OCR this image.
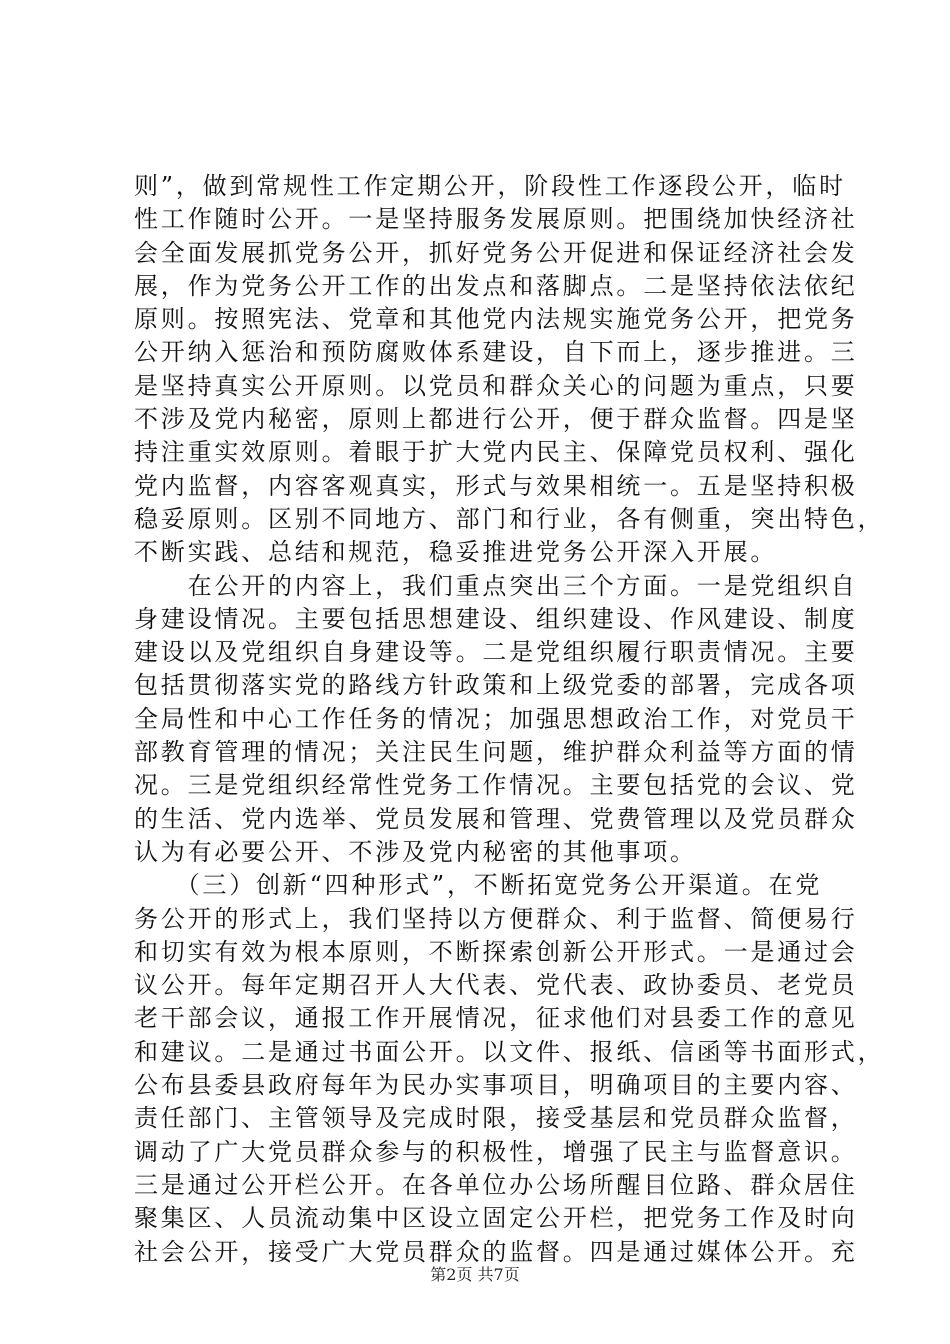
则”，做到常规性工作定期公开，阶段性工作逐段公开，临时
性工作随时公开。一是坚持服务发展原则。把围绕加快经济社
会全面发展抓党务公开，抓好党务公开促进和保证经济社会发
展，作为党务公开工作的出发点和落脚点。二是坚持依法依纪
原则。按照宪法、党章和其他党内法规实施党务公开，把党务
公开纳入惩治和预防腐败体系建设，自下而上，逐步推进。三
是坚持真实公开原则。以党员和群众关心的问题为重点，只要
不涉及党内秘密，原则上都进行公开，便于群众监督。四是坚
持注重实效原则。着眼于扩大党内民主、保障党员权利、强化
党内监督，内容客观真实，形式与效果相统一。五是坚持积极
稳妥原则。区别不同地方、部门和行业，各有侧重，突出特色，
不断实践、总结和规范，稳妥推进党务公开深入开展。
　　在公开的内容上，我们重点突出三个方面。一是党组织自
身建设情况。主要包括思想建设、组织建设、作风建设、制度
建设以及党组织自身建设等。二是党组织履行职责情况。主要
包括贯彻落实党的路线方针政策和上级党委的部署，完成各项
全局性和中心工作任务的情况；加强思想政治工作，对党员干
部教育管理的情况；关注民生问题，维护群众利益等方面的情
况。三是党组织经常性党务工作情况。主要包括党的会议、党
的生活、党内选举、党员发展和管理、党费管理以及党员群众
认为有必要公开、不涉及党内秘密的其他事项。
　　（三）创新“四种形式”，不断拓宽党务公开渠道。在党
务公开的形式上，我们坚持以方便群众、利于监督、简便易行
和切实有效为根本原则，不断探索创新公开形式。一是通过会
议公开。每年定期召开人大代表、党代表、政协委员、老党员
老干部会议，通报工作开展情况，征求他们对县委工作的意见
和建议。二是通过书面公开。以文件、报纸、信函等书面形式，
公布县委县政府每年为民办实事项目，明确项目的主要内容、
责任部门、主管领导及完成时限，接受基层和党员群众监督，
调动了广大党员群众参与的积极性，增强了民主与监督意识。
三是通过公开栏公开。在各单位办公场所醒目位路、群众居住
聚集区、人员流动集中区设立固定公开栏，把党务工作及时向
社会公开，接受广大党员群众的监督。四是通过媒体公开。充
第2页 共7页
